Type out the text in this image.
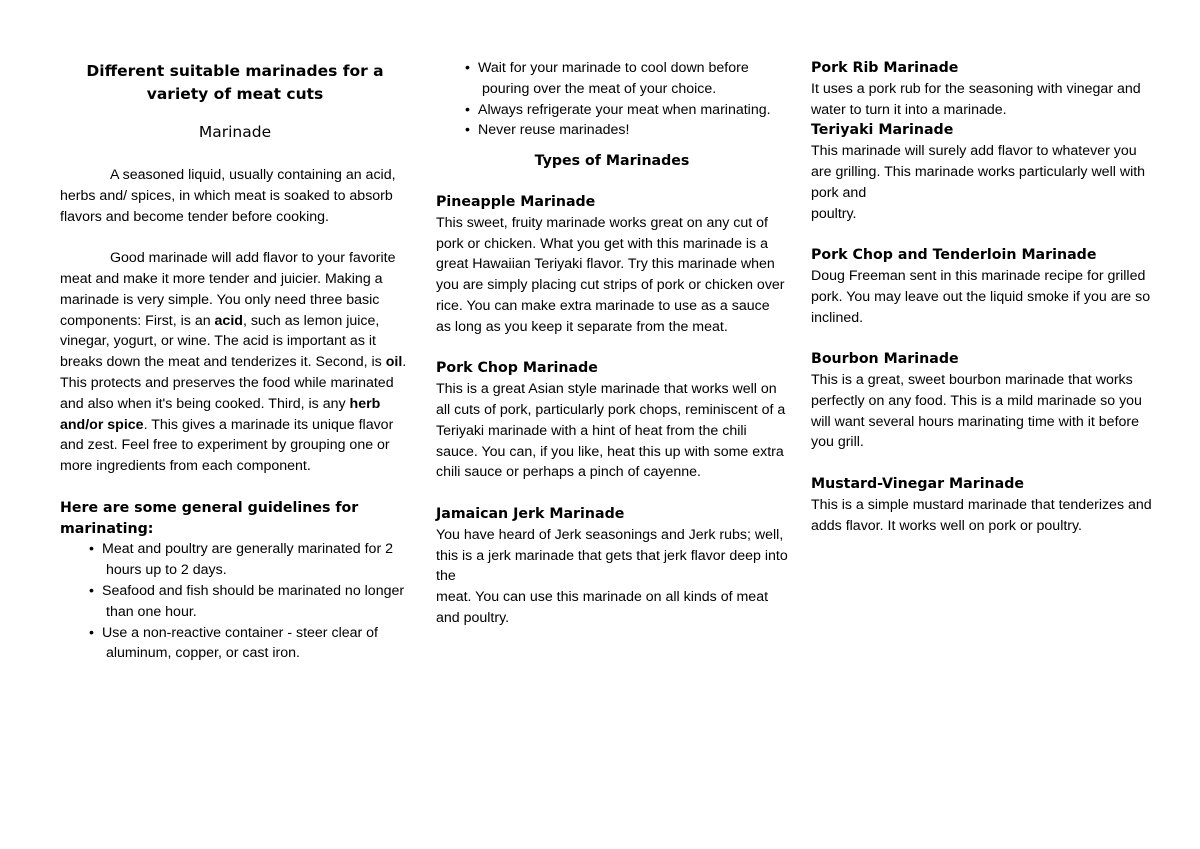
Different suitable marinades for a variety of meat cuts
Marinade

A seasoned liquid, usually containing an acid, herbs and/ spices, in which meat is soaked to absorb flavors and become tender before cooking.

Good marinade will add flavor to your favorite meat and make it more tender and juicier. Making a marinade is very simple. You only need three basic components: First, is an acid, such as lemon juice, vinegar, yogurt, or wine. The acid is important as it breaks down the meat and tenderizes it. Second, is oil. This protects and preserves the food while marinated and also when it's being cooked. Third, is any herb and/or spice. This gives a marinade its unique flavor and zest. Feel free to experiment by grouping one or more ingredients from each component.

Here are some general guidelines for marinating:
• Meat and poultry are generally marinated for 2 hours up to 2 days.
• Seafood and fish should be marinated no longer than one hour.
• Use a non-reactive container - steer clear of aluminum, copper, or cast iron.
• Wait for your marinade to cool down before pouring over the meat of your choice.
• Always refrigerate your meat when marinating.
• Never reuse marinades!
Types of Marinades
Pineapple Marinade

This sweet, fruity marinade works great on any cut of pork or chicken. What you get with this marinade is a great Hawaiian Teriyaki flavor. Try this marinade when you are simply placing cut strips of pork or chicken over rice. You can make extra marinade to use as a sauce as long as you keep it separate from the meat.

Pork Chop Marinade

This is a great Asian style marinade that works well on all cuts of pork, particularly pork chops, reminiscent of a

Teriyaki marinade with a hint of heat from the chili sauce. You can, if you like, heat this up with some extra chili sauce or perhaps a pinch of cayenne.

Jamaican Jerk Marinade

You have heard of Jerk seasonings and Jerk rubs; well, this is a jerk marinade that gets that jerk flavor deep into the

meat. You can use this marinade on all kinds of meat and poultry.

Pork Rib Marinade

It uses a pork rub for the seasoning with vinegar and water to turn it into a marinade.

Teriyaki Marinade

This marinade will surely add flavor to whatever you are grilling. This marinade works particularly well with pork and

poultry.

Pork Chop and Tenderloin Marinade

Doug Freeman sent in this marinade recipe for grilled pork. You may leave out the liquid smoke if you are so

inclined.

Bourbon Marinade

This is a great, sweet bourbon marinade that works perfectly on any food. This is a mild marinade so you will want several hours marinating time with it before you grill.

Mustard-Vinegar Marinade

This is a simple mustard marinade that tenderizes and adds flavor. It works well on pork or poultry.
